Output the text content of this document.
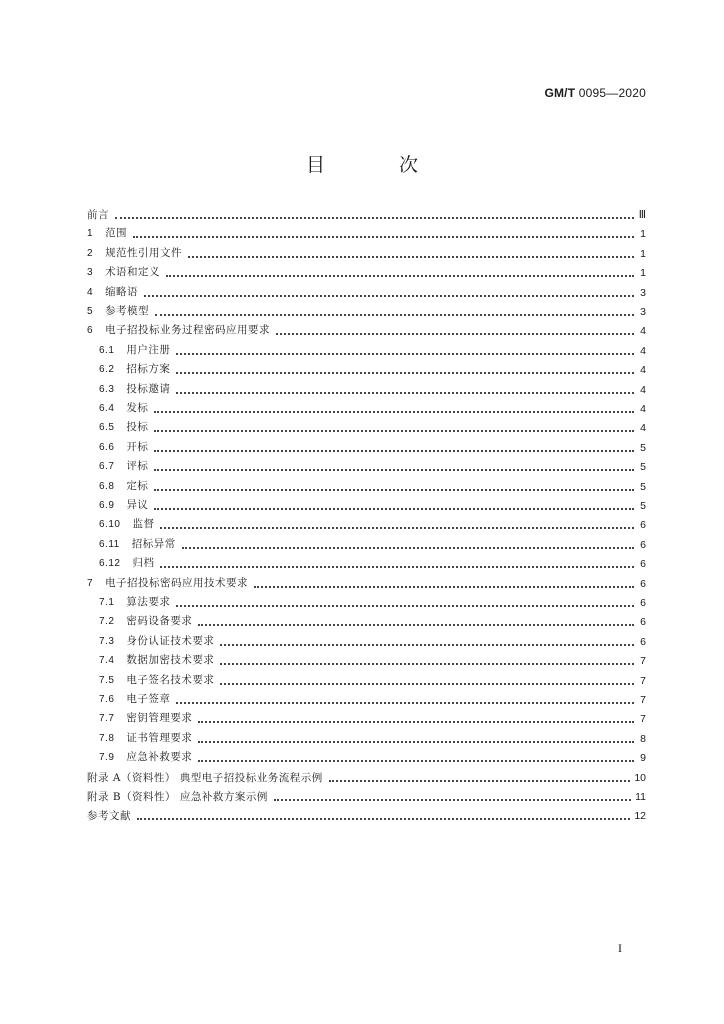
GM/T 0095—2020
目 次
前言	Ⅲ
1 范围	1
2 规范性引用文件	1
3 术语和定义	1
4 缩略语	3
5 参考模型	3
6 电子招投标业务过程密码应用要求	4
6.1 用户注册	4
6.2 招标方案	4
6.3 投标邀请	4
6.4 发标	4
6.5 投标	4
6.6 开标	5
6.7 评标	5
6.8 定标	5
6.9 异议	5
6.10 监督	6
6.11 招标异常	6
6.12 归档	6
7 电子招投标密码应用技术要求	6
7.1 算法要求	6
7.2 密码设备要求	6
7.3 身份认证技术要求	6
7.4 数据加密技术要求	7
7.5 电子签名技术要求	7
7.6 电子签章	7
7.7 密钥管理要求	7
7.8 证书管理要求	8
7.9 应急补救要求	9
附录 A（资料性） 典型电子招投标业务流程示例	10
附录 B（资料性） 应急补救方案示例	11
参考文献	12
I
